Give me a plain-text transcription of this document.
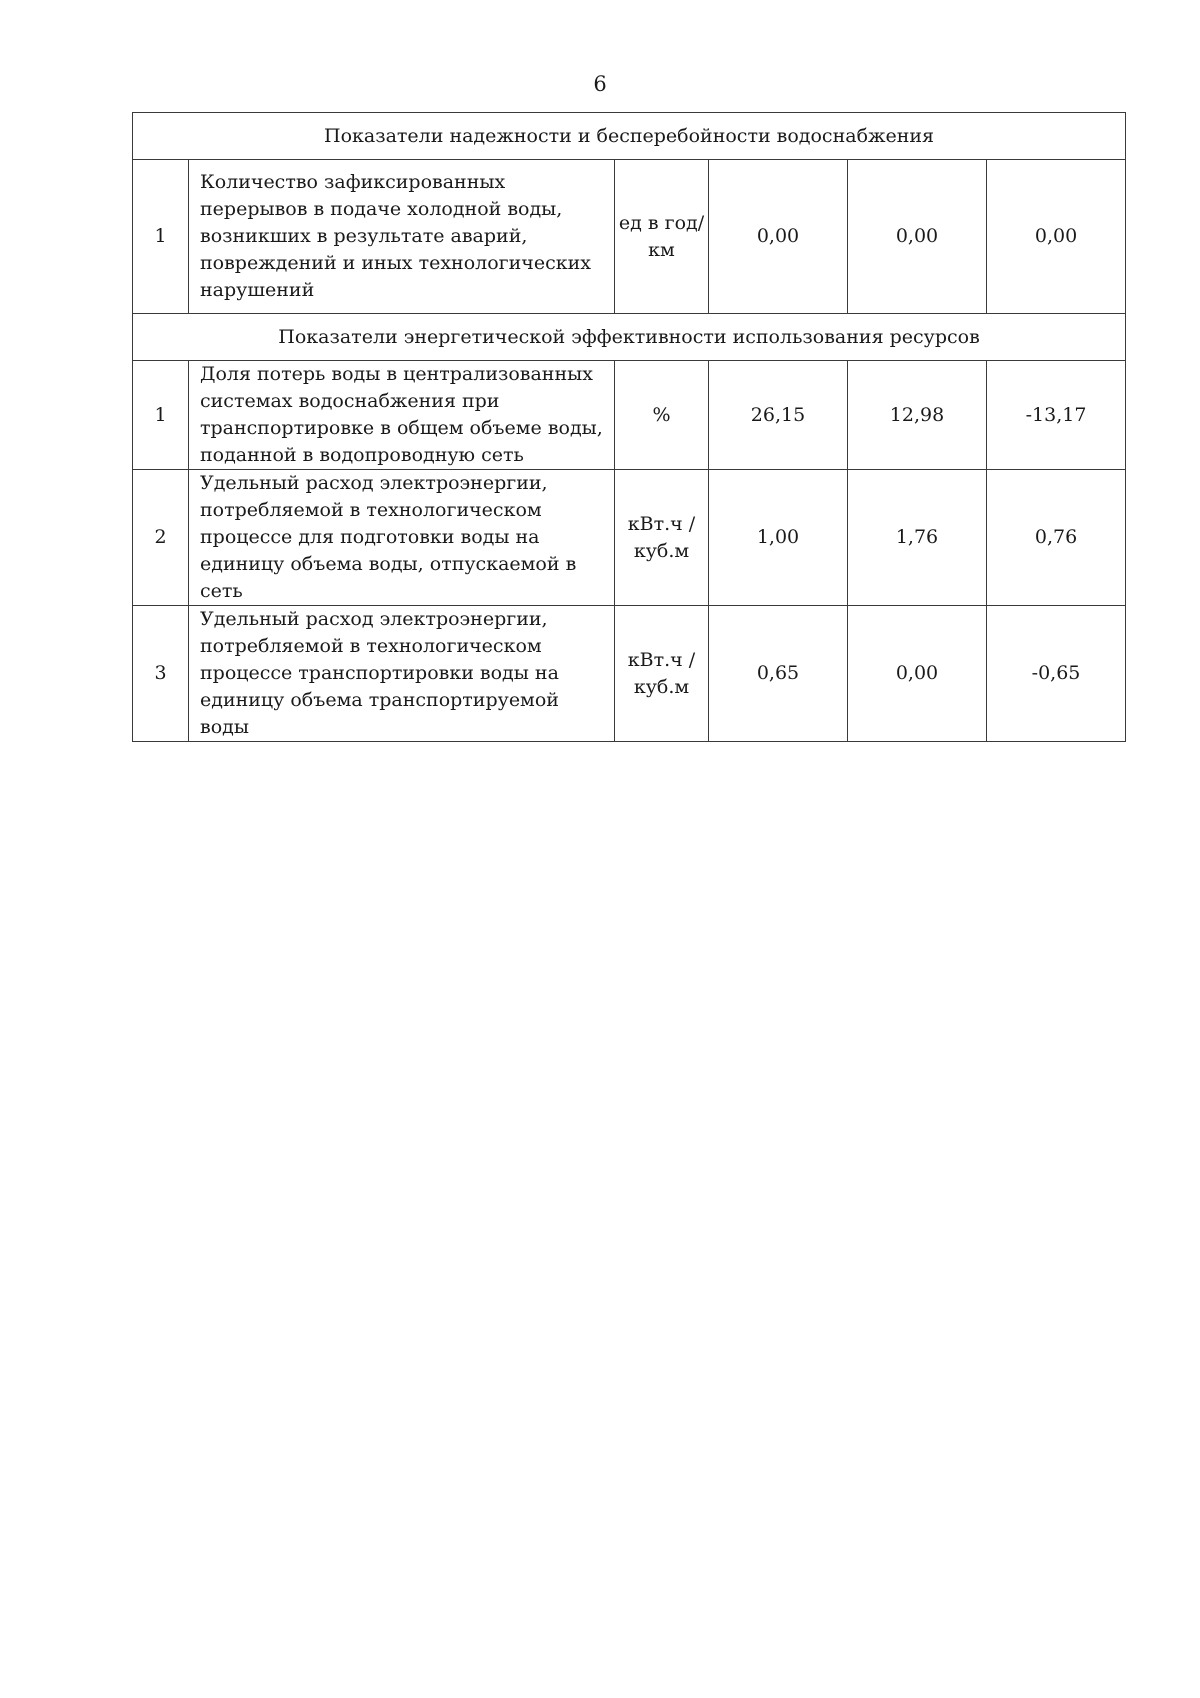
6
Показатели надежности и бесперебойности водоснабжения					
1	Количество зафиксированных перерывов в подаче холодной воды, возникших в результате аварий, повреждений и иных технологических нарушений	ед в год/ км	0,00	0,00	0,00
Показатели энергетической эффективности использования ресурсов					
1	Доля потерь воды в централизованных системах водоснабжения при транспортировке в общем объеме воды, поданной в водопроводную сеть	%	26,15	12,98	-13,17
2	Удельный расход электроэнергии, потребляемой в технологическом процессе для подготовки воды на единицу объема воды, отпускаемой в сеть	кВт.ч / куб.м	1,00	1,76	0,76
3	Удельный расход электроэнергии, потребляемой в технологическом процессе транспортировки воды на единицу объема транспортируемой воды	кВт.ч / куб.м	0,65	0,00	-0,65
